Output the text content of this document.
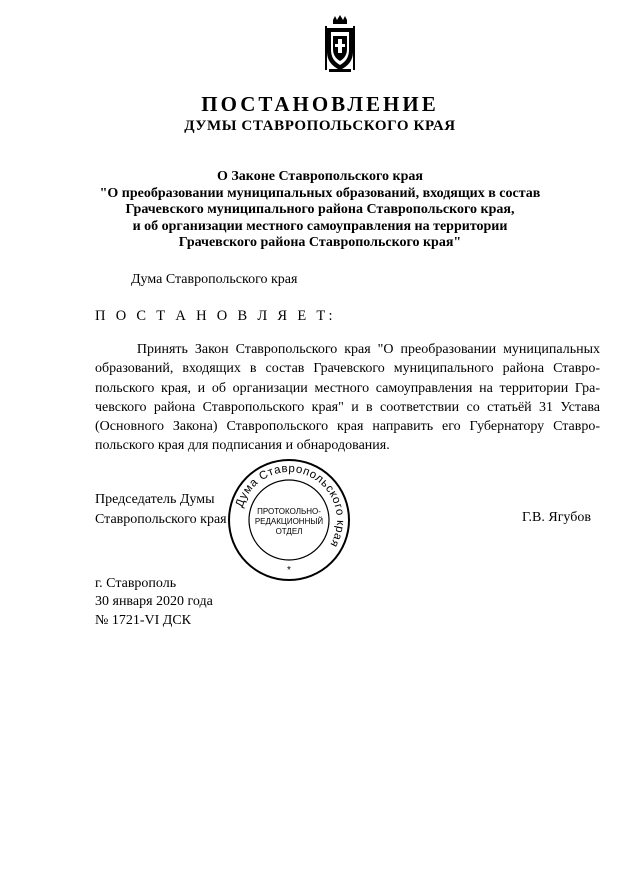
ПОСТАНОВЛЕНИЕ
ДУМЫ СТАВРОПОЛЬСКОГО КРАЯ
О Законе Ставропольского края
"О преобразовании муниципальных образований, входящих в состав
Грачевского муниципального района Ставропольского края,
и об организации местного самоуправления на территории
Грачевского района Ставропольского края"
Дума Ставропольского края
П О С Т А Н О В Л Я Е Т:
Принять Закон Ставропольского края "О преобразовании муниципальных
образований, входящих в состав Грачевского муниципального района Ставро-
польского края, и об организации местного самоуправления на территории Гра-
чевского района Ставропольского края" и в соответствии со статьёй 31 Устава
(Основного Закона) Ставропольского края направить его Губернатору Ставро-
польского края для подписания и обнародования.
Председатель Думы
Ставропольского края	Г.В. Ягубов
Дума Ставропольского края
ПРОТОКОЛЬНО-
РЕДАКЦИОННЫЙ
ОТДЕЛ
*
г. Ставрополь
30 января 2020 года
№ 1721-VI ДСК
